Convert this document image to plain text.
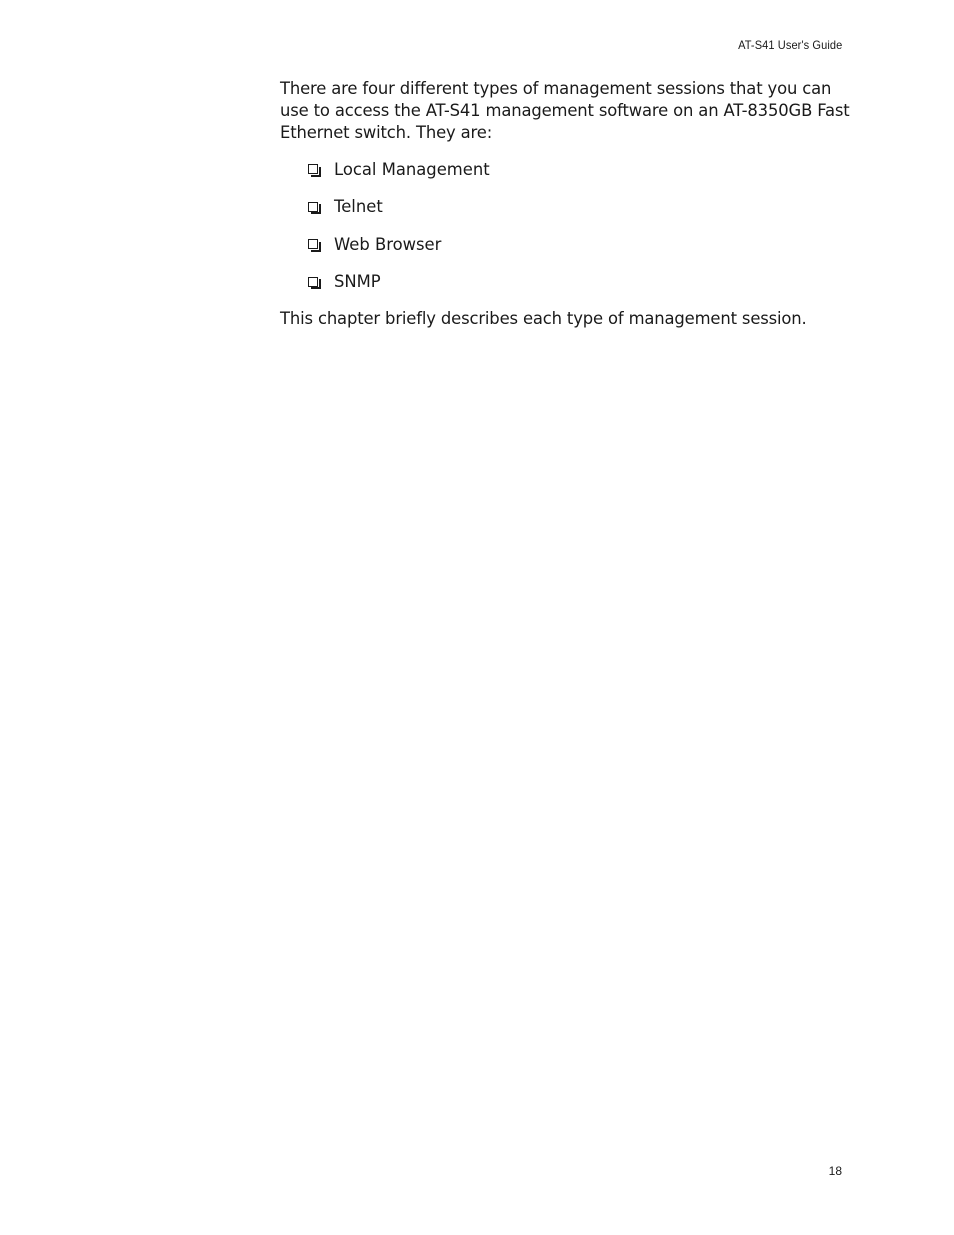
AT-S41 User's Guide

There are four different types of management sessions that you can use to access the AT-S41 management software on an AT-8350GB Fast Ethernet switch. They are:

Local Management
Telnet
Web Browser
SNMP

This chapter briefly describes each type of management session.

18
